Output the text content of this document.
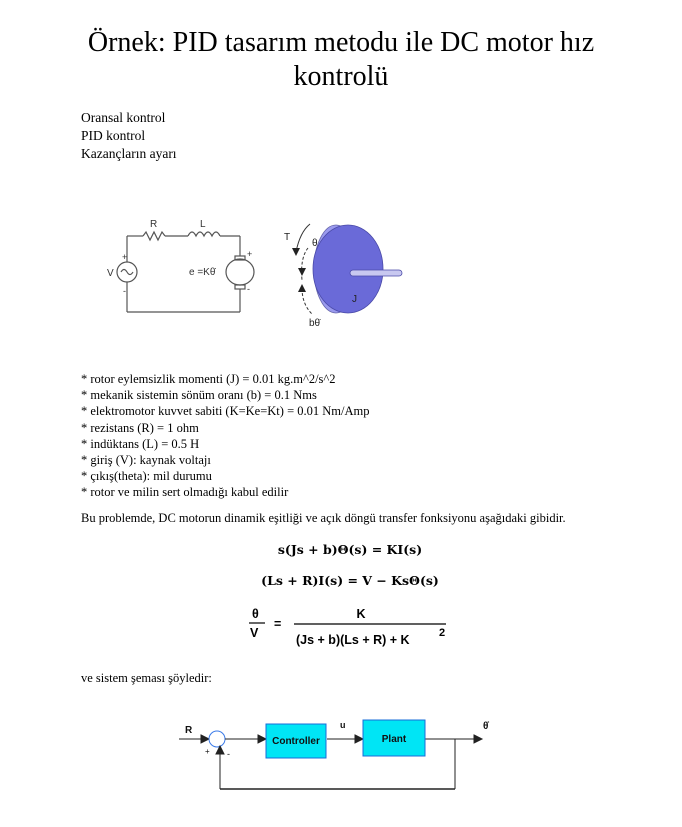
Örnek: PID tasarım metodu ile DC motor hız kontrolü
Oransal kontrol
PID kontrol
Kazançların ayarı
R	L
V
+
-
e =Kθ̇
+
-
T
θ
J
bθ̇
* rotor eylemsizlik momenti (J) = 0.01 kg.m^2/s^2
* mekanik sistemin sönüm oranı (b) = 0.1 Nms
* elektromotor kuvvet sabiti (K=Ke=Kt) = 0.01 Nm/Amp
* rezistans (R) = 1 ohm
* indüktans (L) = 0.5 H
* giriş (V): kaynak voltajı
* çıkış(theta): mil durumu
* rotor ve milin sert olmadığı kabul edilir
Bu problemde, DC motorun dinamik eşitliği ve açık döngü transfer fonksiyonu aşağıdaki gibidir.
s(Js + b)Θ(s) = KI(s)
(Ls + R)I(s) = V − KsΘ(s)
θ
V
=
K
(Js + b)(Ls + R) + K	2
ve sistem şeması şöyledir:
R
+ -
Controller
u
Plant
θ̇
